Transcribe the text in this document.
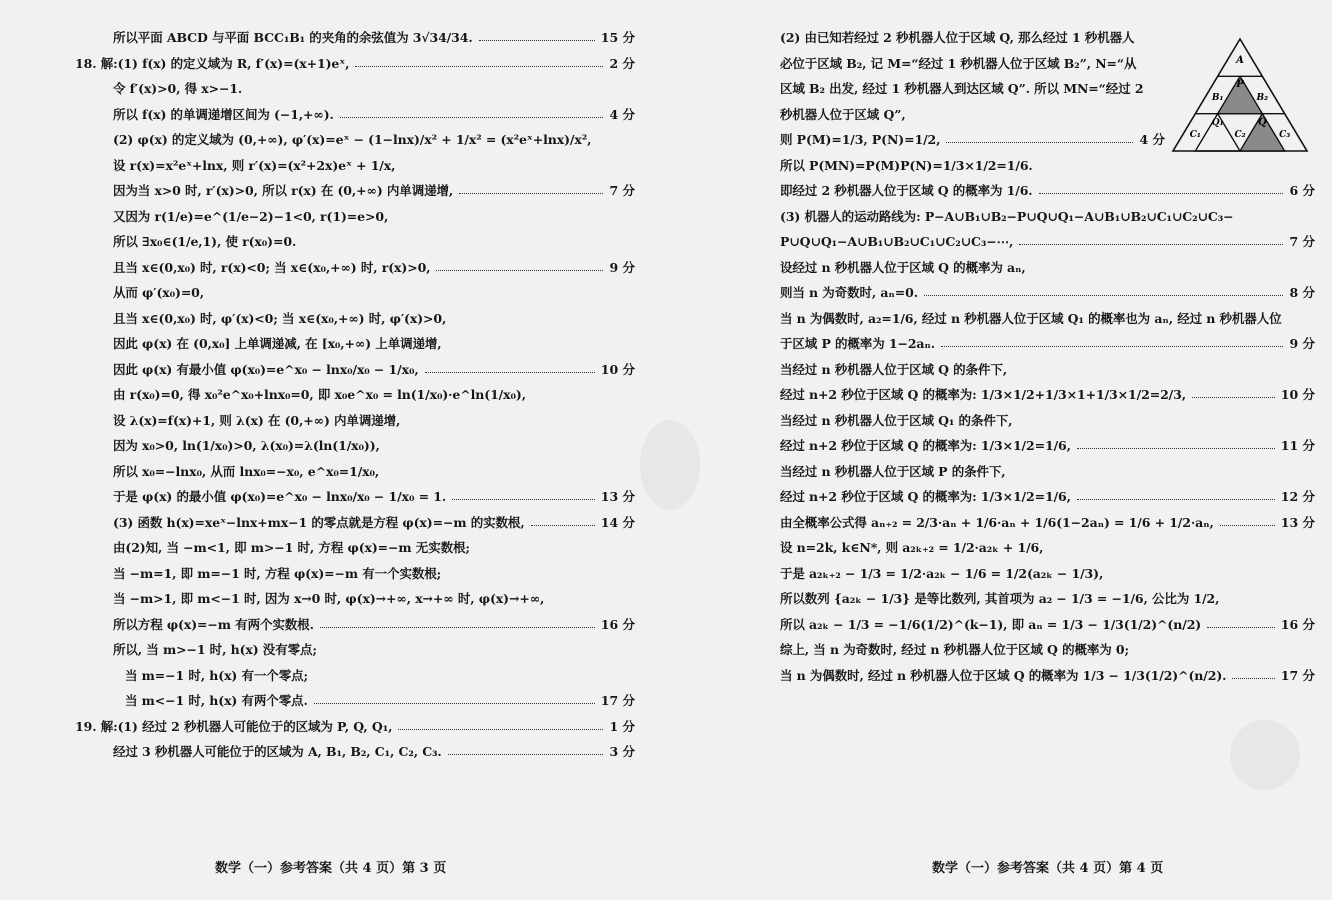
所以平面 ABCD 与平面 BCC₁B₁ 的夹角的余弦值为 3√34/34.	15 分
18. 解:(1) f(x) 的定义域为 R, f′(x)=(x+1)eˣ,	2 分
令 f′(x)>0, 得 x>−1.
所以 f(x) 的单调递增区间为 (−1,+∞).	4 分
(2) φ(x) 的定义域为 (0,+∞), φ′(x)=eˣ − (1−lnx)/x² + 1/x² = (x²eˣ+lnx)/x²,
设 r(x)=x²eˣ+lnx, 则 r′(x)=(x²+2x)eˣ + 1/x,
因为当 x>0 时, r′(x)>0, 所以 r(x) 在 (0,+∞) 内单调递增,	7 分
又因为 r(1/e)=e^(1/e−2)−1<0, r(1)=e>0,
所以 ∃x₀∈(1/e,1), 使 r(x₀)=0.
且当 x∈(0,x₀) 时, r(x)<0; 当 x∈(x₀,+∞) 时, r(x)>0,	9 分
从而 φ′(x₀)=0,
且当 x∈(0,x₀) 时, φ′(x)<0; 当 x∈(x₀,+∞) 时, φ′(x)>0,
因此 φ(x) 在 (0,x₀] 上单调递减, 在 [x₀,+∞) 上单调递增,
因此 φ(x) 有最小值 φ(x₀)=e^x₀ − lnx₀/x₀ − 1/x₀,	10 分
由 r(x₀)=0, 得 x₀²e^x₀+lnx₀=0, 即 x₀e^x₀ = ln(1/x₀)·e^ln(1/x₀),
设 λ(x)=f(x)+1, 则 λ(x) 在 (0,+∞) 内单调递增,
因为 x₀>0, ln(1/x₀)>0, λ(x₀)=λ(ln(1/x₀)),
所以 x₀=−lnx₀, 从而 lnx₀=−x₀, e^x₀=1/x₀,
于是 φ(x) 的最小值 φ(x₀)=e^x₀ − lnx₀/x₀ − 1/x₀ = 1.	13 分
(3) 函数 h(x)=xeˣ−lnx+mx−1 的零点就是方程 φ(x)=−m 的实数根,	14 分
由(2)知, 当 −m<1, 即 m>−1 时, 方程 φ(x)=−m 无实数根;
当 −m=1, 即 m=−1 时, 方程 φ(x)=−m 有一个实数根;
当 −m>1, 即 m<−1 时, 因为 x→0 时, φ(x)→+∞, x→+∞ 时, φ(x)→+∞,
所以方程 φ(x)=−m 有两个实数根.	16 分
所以, 当 m>−1 时, h(x) 没有零点;
当 m=−1 时, h(x) 有一个零点;
当 m<−1 时, h(x) 有两个零点.	17 分
19. 解:(1) 经过 2 秒机器人可能位于的区域为 P, Q, Q₁,	1 分
经过 3 秒机器人可能位于的区域为 A, B₁, B₂, C₁, C₂, C₃.	3 分
数学（一）参考答案（共 4 页）第 3 页
A
B₁
P
B₂
C₁
Q₁
C₂
Q
C₃
(2) 由已知若经过 2 秒机器人位于区域 Q, 那么经过 1 秒机器人
必位于区域 B₂, 记 M=“经过 1 秒机器人位于区域 B₂”, N=“从
区域 B₂ 出发, 经过 1 秒机器人到达区域 Q”. 所以 MN=“经过 2
秒机器人位于区域 Q”,
则 P(M)=1/3, P(N)=1/2,	4 分
所以 P(MN)=P(M)P(N)=1/3×1/2=1/6.
即经过 2 秒机器人位于区域 Q 的概率为 1/6.	6 分
(3) 机器人的运动路线为: P−A∪B₁∪B₂−P∪Q∪Q₁−A∪B₁∪B₂∪C₁∪C₂∪C₃−
P∪Q∪Q₁−A∪B₁∪B₂∪C₁∪C₂∪C₃−⋯,	7 分
设经过 n 秒机器人位于区域 Q 的概率为 aₙ,
则当 n 为奇数时, aₙ=0.	8 分
当 n 为偶数时, a₂=1/6, 经过 n 秒机器人位于区域 Q₁ 的概率也为 aₙ, 经过 n 秒机器人位
于区域 P 的概率为 1−2aₙ.	9 分
当经过 n 秒机器人位于区域 Q 的条件下,
经过 n+2 秒位于区域 Q 的概率为: 1/3×1/2+1/3×1+1/3×1/2=2/3,	10 分
当经过 n 秒机器人位于区域 Q₁ 的条件下,
经过 n+2 秒位于区域 Q 的概率为: 1/3×1/2=1/6,	11 分
当经过 n 秒机器人位于区域 P 的条件下,
经过 n+2 秒位于区域 Q 的概率为: 1/3×1/2=1/6,	12 分
由全概率公式得 aₙ₊₂ = 2/3·aₙ + 1/6·aₙ + 1/6(1−2aₙ) = 1/6 + 1/2·aₙ,	13 分
设 n=2k, k∈N*, 则 a₂ₖ₊₂ = 1/2·a₂ₖ + 1/6,
于是 a₂ₖ₊₂ − 1/3 = 1/2·a₂ₖ − 1/6 = 1/2(a₂ₖ − 1/3),
所以数列 {a₂ₖ − 1/3} 是等比数列, 其首项为 a₂ − 1/3 = −1/6, 公比为 1/2,
所以 a₂ₖ − 1/3 = −1/6(1/2)^(k−1), 即 aₙ = 1/3 − 1/3(1/2)^(n/2)	16 分
综上, 当 n 为奇数时, 经过 n 秒机器人位于区域 Q 的概率为 0;
当 n 为偶数时, 经过 n 秒机器人位于区域 Q 的概率为 1/3 − 1/3(1/2)^(n/2).	17 分
数学（一）参考答案（共 4 页）第 4 页
